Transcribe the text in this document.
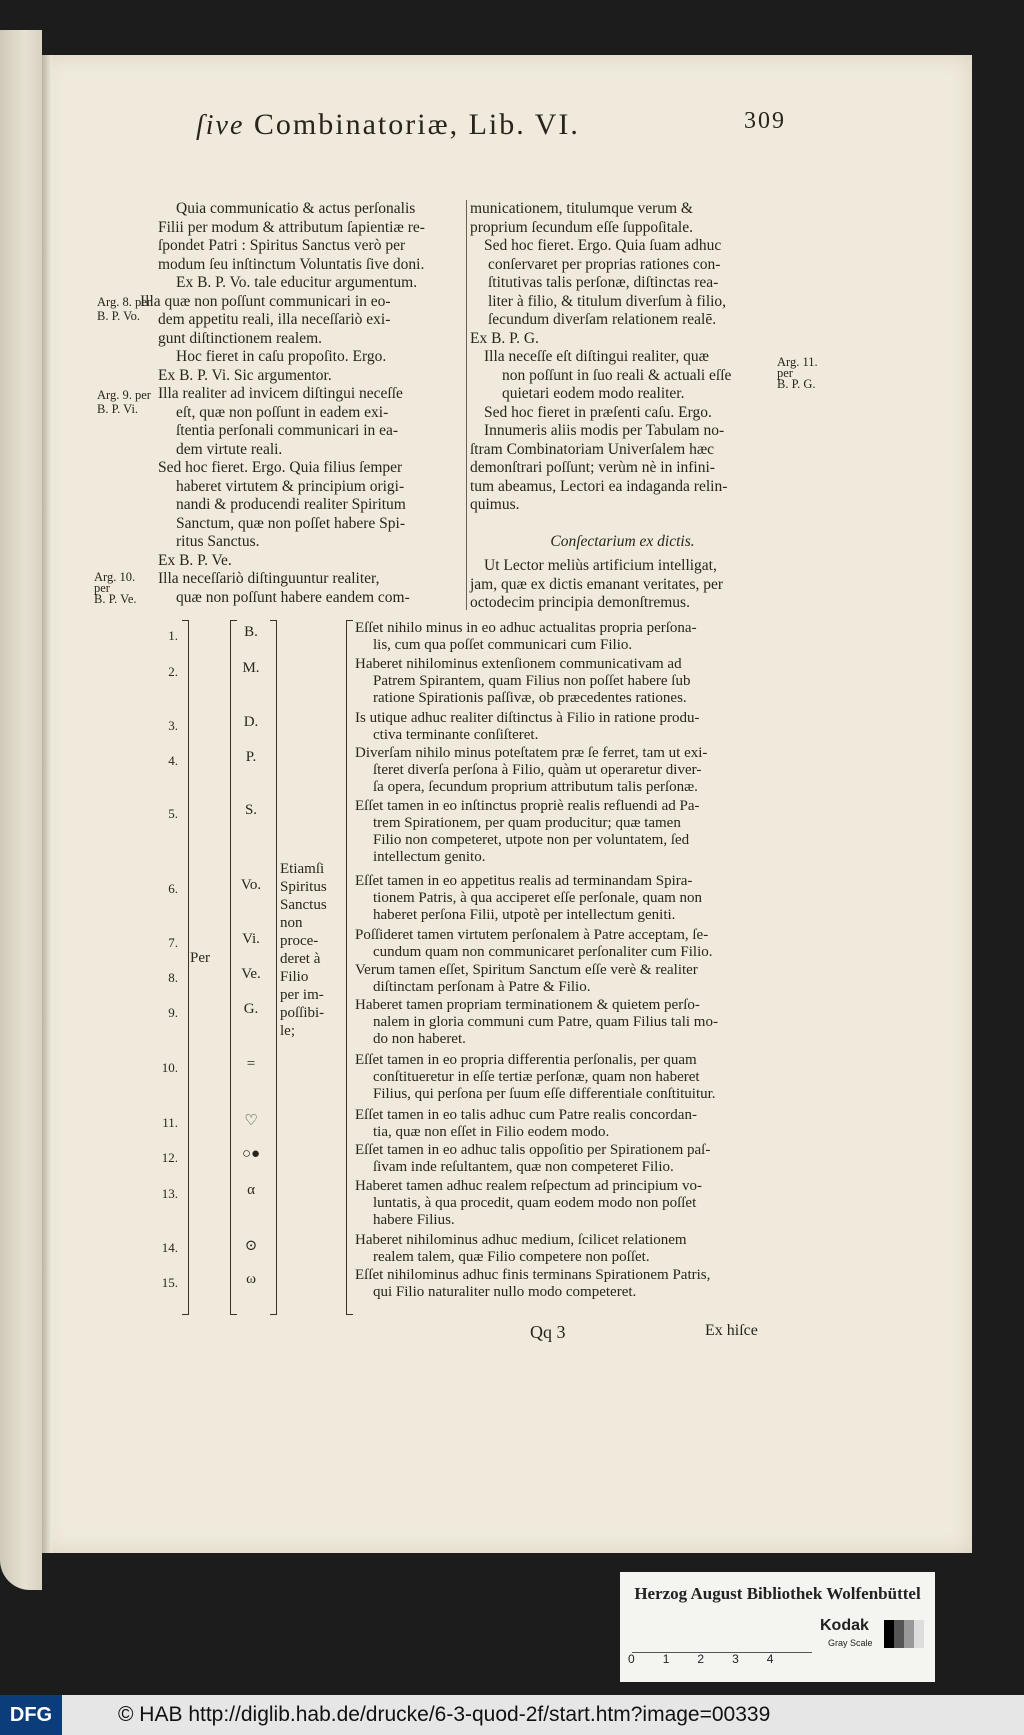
ſive Combinatoriæ, Lib. VI.	309

Quia communicatio & actus perſonalis

Filii per modum & attributum ſapientiæ re-

ſpondet Patri : Spiritus Sanctus verò per

modum ſeu inſtinctum Voluntatis ſive doni.

Ex B. P. Vo. tale educitur argumentum.

Illa quæ non poſſunt communicari in eo-

dem appetitu reali, illa neceſſariò exi-

gunt diſtinctionem realem.

Hoc fieret in caſu propoſito. Ergo.

Ex B. P. Vi. Sic argumentor.

Illa realiter ad invicem diſtingui neceſſe

eſt, quæ non poſſunt in eadem exi-

ſtentia perſonali communicari in ea-

dem virtute reali.

Sed hoc fieret. Ergo. Quia filius ſemper

haberet virtutem & principium origi-

nandi & producendi realiter Spiritum

Sanctum, quæ non poſſet habere Spi-

ritus Sanctus.

Ex B. P. Ve.

Illa neceſſariò diſtinguuntur realiter,

quæ non poſſunt habere eandem com-

municationem, titulumque verum &

proprium ſecundum eſſe ſuppoſitale.

Sed hoc fieret. Ergo. Quia ſuam adhuc

conſervaret per proprias rationes con-

ſtitutivas talis perſonæ, diſtinctas rea-

liter à filio, & titulum diverſum à filio,

ſecundum diverſam relationem realē.

Ex B. P. G.

Illa neceſſe eſt diſtingui realiter, quæ

non poſſunt in ſuo reali & actuali eſſe

quietari eodem modo realiter.

Sed hoc fieret in præſenti caſu. Ergo.

Innumeris aliis modis per Tabulam no-

ſtram Combinatoriam Univerſalem hæc

demonſtrari poſſunt; verùm nè in infini-

tum abeamus, Lectori ea indaganda relin-

quimus.

Conſectarium ex dictis.

Ut Lector meliùs artificium intelligat,

jam, quæ ex dictis emanant veritates, per

octodecim principia demonſtremus.

Arg. 8. per
B. P. Vo.
Arg. 9. per
B. P. Vi.
Arg. 10.
per
B. P. Ve.
Arg. 11.
per
B. P. G.
1.	B.	Eſſet nihilo minus in eo adhuc actualitas propria perſona-
lis, cum qua poſſet communicari cum Filio.
2.	M.	Haberet nihilominus extenſionem communicativam ad
Patrem Spirantem, quam Filius non poſſet habere ſub
ratione Spirationis paſſivæ, ob præcedentes rationes.
3.	D.	Is utique adhuc realiter diſtinctus à Filio in ratione produ-
ctiva terminante conſiſteret.
4.	P.	Diverſam nihilo minus poteſtatem præ ſe ferret, tam ut exi-
ſteret diverſa perſona à Filio, quàm ut operaretur diver-
ſa opera, ſecundum proprium attributum talis perſonæ.
5.	S.	Eſſet tamen in eo inſtinctus propriè realis refluendi ad Pa-
trem Spirationem, per quam producitur; quæ tamen
Filio non competeret, utpote non per voluntatem, ſed
intellectum genito.
6.	Vo.	Eſſet tamen in eo appetitus realis ad terminandam Spira-
tionem Patris, à qua acciperet eſſe perſonale, quam non
haberet perſona Filii, utpotè per intellectum geniti.
7.	Vi.	Poſſideret tamen virtutem perſonalem à Patre acceptam, ſe-
cundum quam non communicaret perſonaliter cum Filio.
8.	Ve.	Verum tamen eſſet, Spiritum Sanctum eſſe verè & realiter
diſtinctam perſonam à Patre & Filio.
9.	G.	Haberet tamen propriam terminationem & quietem perſo-
nalem in gloria communi cum Patre, quam Filius tali mo-
do non haberet.
10.	=	Eſſet tamen in eo propria differentia perſonalis, per quam
conſtitueretur in eſſe tertiæ perſonæ, quam non haberet
Filius, qui perſona per ſuum eſſe differentiale conſtituitur.
11.	♡	Eſſet tamen in eo talis adhuc cum Patre realis concordan-
tia, quæ non eſſet in Filio eodem modo.
12.	○●	Eſſet tamen in eo adhuc talis oppoſitio per Spirationem paſ-
ſivam inde reſultantem, quæ non competeret Filio.
13.	α	Haberet tamen adhuc realem reſpectum ad principium vo-
luntatis, à qua procedit, quam eodem modo non poſſet
habere Filius.
14.	⊙	Haberet nihilominus adhuc medium, ſcilicet relationem
realem talem, quæ Filio competere non poſſet.
15.	ω	Eſſet nihilominus adhuc finis terminans Spirationem Patris,
qui Filio naturaliter nullo modo competeret.
Per
Etiamſi
Spiritus
Sanctus
non
proce-
deret à
Filio
per im-
poſſibi-
le;
Qq 3	Ex hiſce
Herzog August Bibliothek Wolfenbüttel
01234
Kodak
Gray Scale
DFG	© HAB http://diglib.hab.de/drucke/6-3-quod-2f/start.htm?image=00339
